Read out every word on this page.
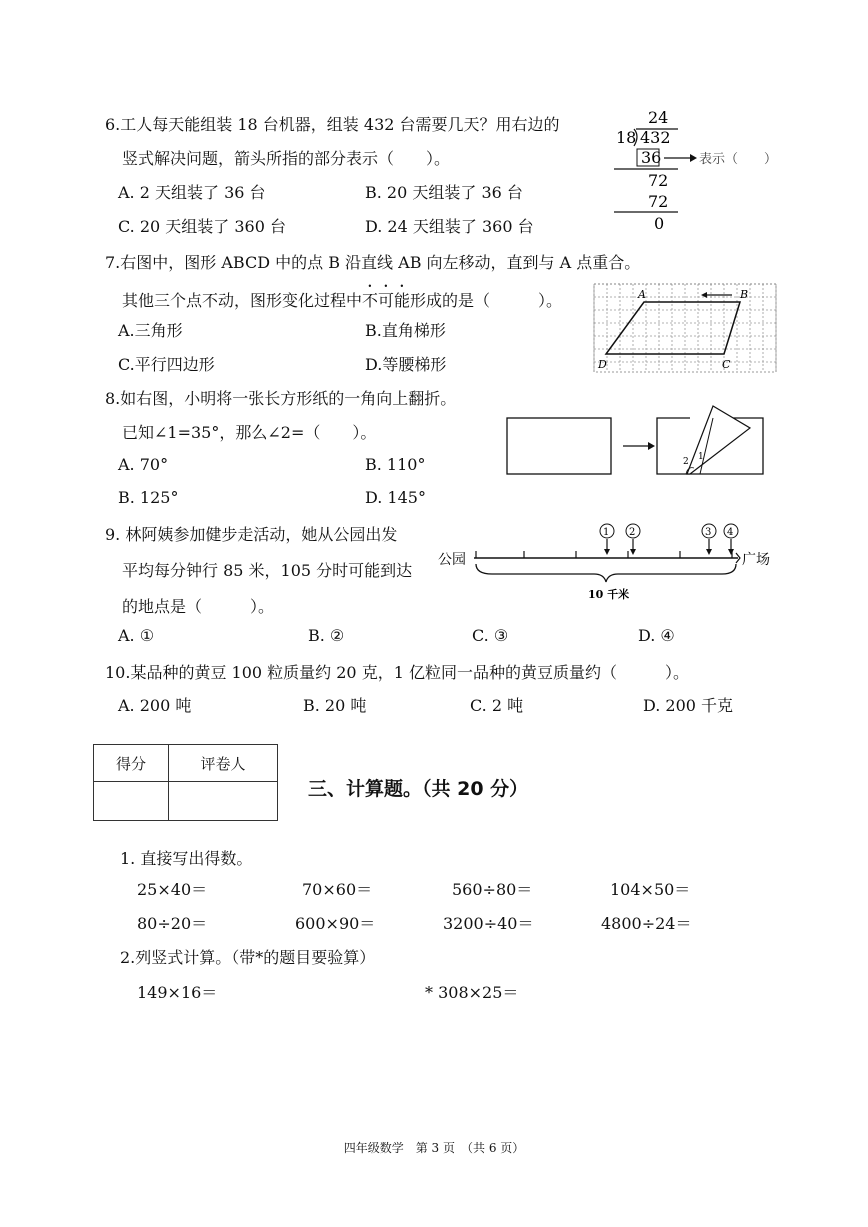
6.工人每天能组装 18 台机器，组装 432 台需要几天？用右边的
竖式解决问题，箭头所指的部分表示（　　）。
A. 2 天组装了 36 台	B. 20 天组装了 36 台
C. 20 天组装了 360 台	D. 24 天组装了 360 台
24
18 432
36	表示（　　）
72
72
0
7.右图中，图形 ABCD 中的点 B 沿直线 AB 向左移动，直到与 A 点重合。
其他三个点不动，图形变化过程中不可能形成的是（　　　）。
A.三角形	B.直角梯形
C.平行四边形	D.等腰梯形
A	B
C
D
8.如右图，小明将一张长方形纸的一角向上翻折。
已知∠1=35°，那么∠2=（　　）。
A. 70°	B. 110°
B. 125°	D. 145°
2 1
9. 林阿姨参加健步走活动，她从公园出发
平均每分钟行 85 米，105 分时可能到达
的地点是（　　　）。
A. ①	B. ②	C. ③	D. ④
公园	广场
10 千米
1 2	3 4
10.某品种的黄豆 100 粒质量约 20 克，1 亿粒同一品种的黄豆质量约（　　　）。
A. 200 吨	B. 20 吨	C. 2 吨	D. 200 千克
得分	评卷人

三、计算题。（共 20 分）
1. 直接写出得数。
25×40＝	70×60＝	560÷80＝	104×50＝
80÷20＝	600×90＝	3200÷40＝	4800÷24＝
2.列竖式计算。（带*的题目要验算）
149×16＝	* 308×25＝
四年级数学　第 3 页　（共 6 页）
